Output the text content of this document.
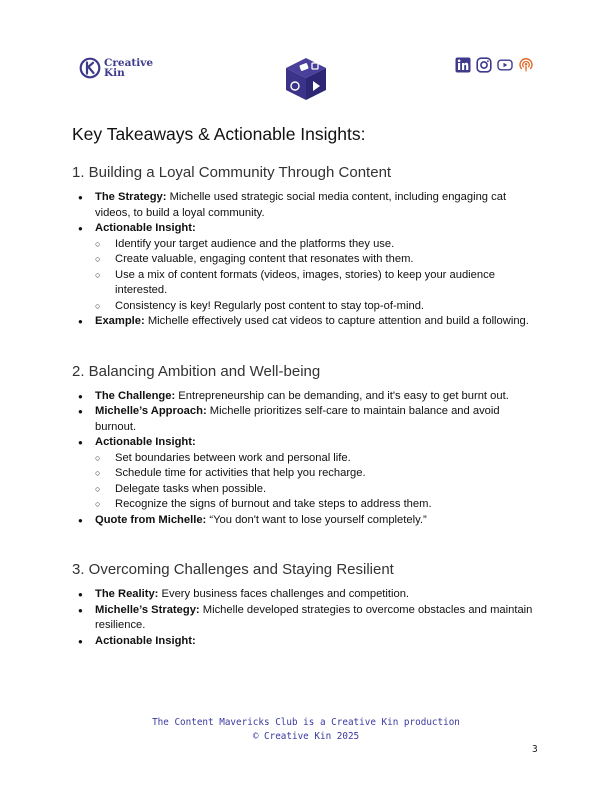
Creative
Kin
Key Takeaways & Actionable Insights:
1. Building a Loyal Community Through Content
● The Strategy: Michelle used strategic social media content, including engaging cat videos, to build a loyal community.
● Actionable Insight:
○ Identify your target audience and the platforms they use.
○ Create valuable, engaging content that resonates with them.
○ Use a mix of content formats (videos, images, stories) to keep your audience interested.
○ Consistency is key! Regularly post content to stay top-of-mind.
● Example: Michelle effectively used cat videos to capture attention and build a following.
2. Balancing Ambition and Well-being
● The Challenge: Entrepreneurship can be demanding, and it's easy to get burnt out.
● Michelle’s Approach: Michelle prioritizes self-care to maintain balance and avoid burnout.
● Actionable Insight:
○ Set boundaries between work and personal life.
○ Schedule time for activities that help you recharge.
○ Delegate tasks when possible.
○ Recognize the signs of burnout and take steps to address them.
● Quote from Michelle: “You don't want to lose yourself completely.”
3. Overcoming Challenges and Staying Resilient
● The Reality: Every business faces challenges and competition.
● Michelle’s Strategy: Michelle developed strategies to overcome obstacles and maintain resilience.
● Actionable Insight:
The Content Mavericks Club is a Creative Kin production
© Creative Kin 2025
3
